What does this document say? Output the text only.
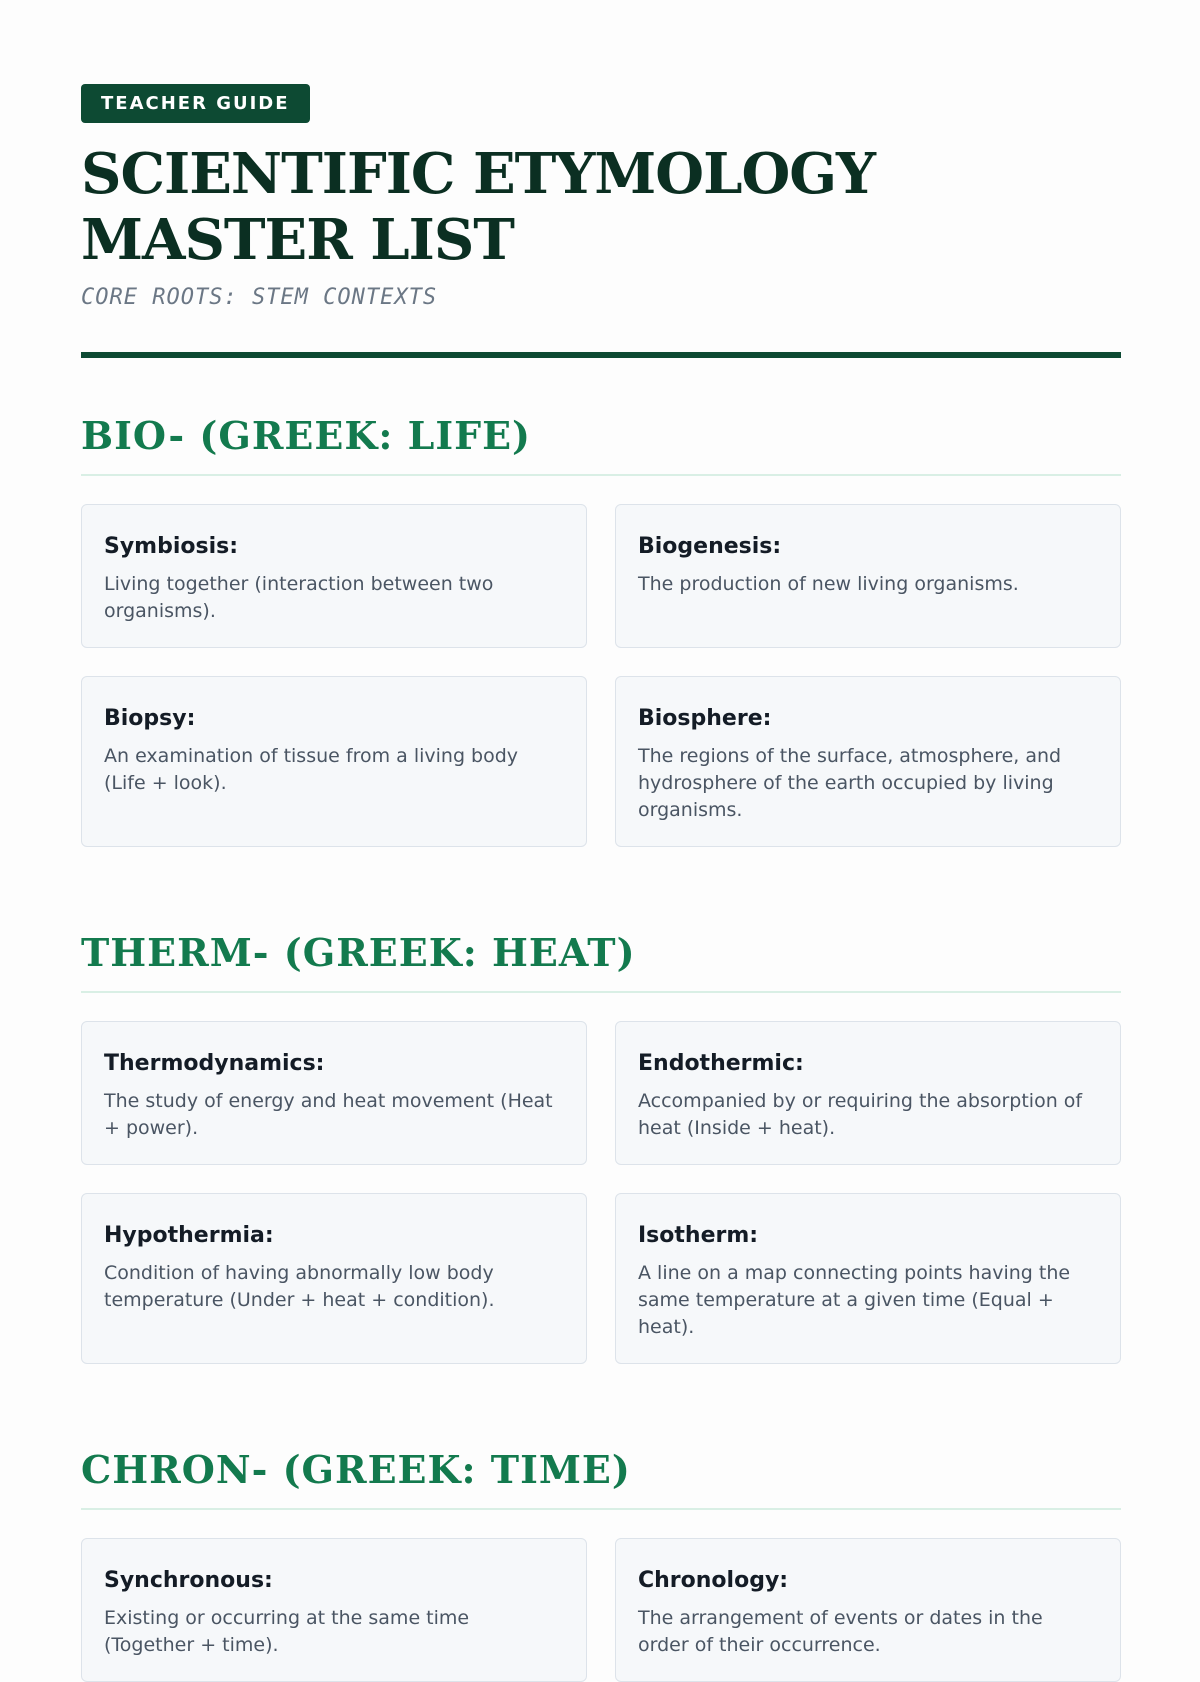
TEACHER GUIDE
SCIENTIFIC ETYMOLOGY MASTER LIST
CORE ROOTS: STEM CONTEXTS
BIO- (GREEK: LIFE)
Symbiosis:
Living together (interaction between two organisms).
Biogenesis:
The production of new living organisms.
Biopsy:
An examination of tissue from a living body (Life + look).
Biosphere:
The regions of the surface, atmosphere, and hydrosphere of the earth occupied by living organisms.
THERM- (GREEK: HEAT)
Thermodynamics:
The study of energy and heat movement (Heat + power).
Endothermic:
Accompanied by or requiring the absorption of heat (Inside + heat).
Hypothermia:
Condition of having abnormally low body temperature (Under + heat + condition).
Isotherm:
A line on a map connecting points having the same temperature at a given time (Equal + heat).
CHRON- (GREEK: TIME)
Synchronous:
Existing or occurring at the same time (Together + time).
Chronology:
The arrangement of events or dates in the order of their occurrence.
